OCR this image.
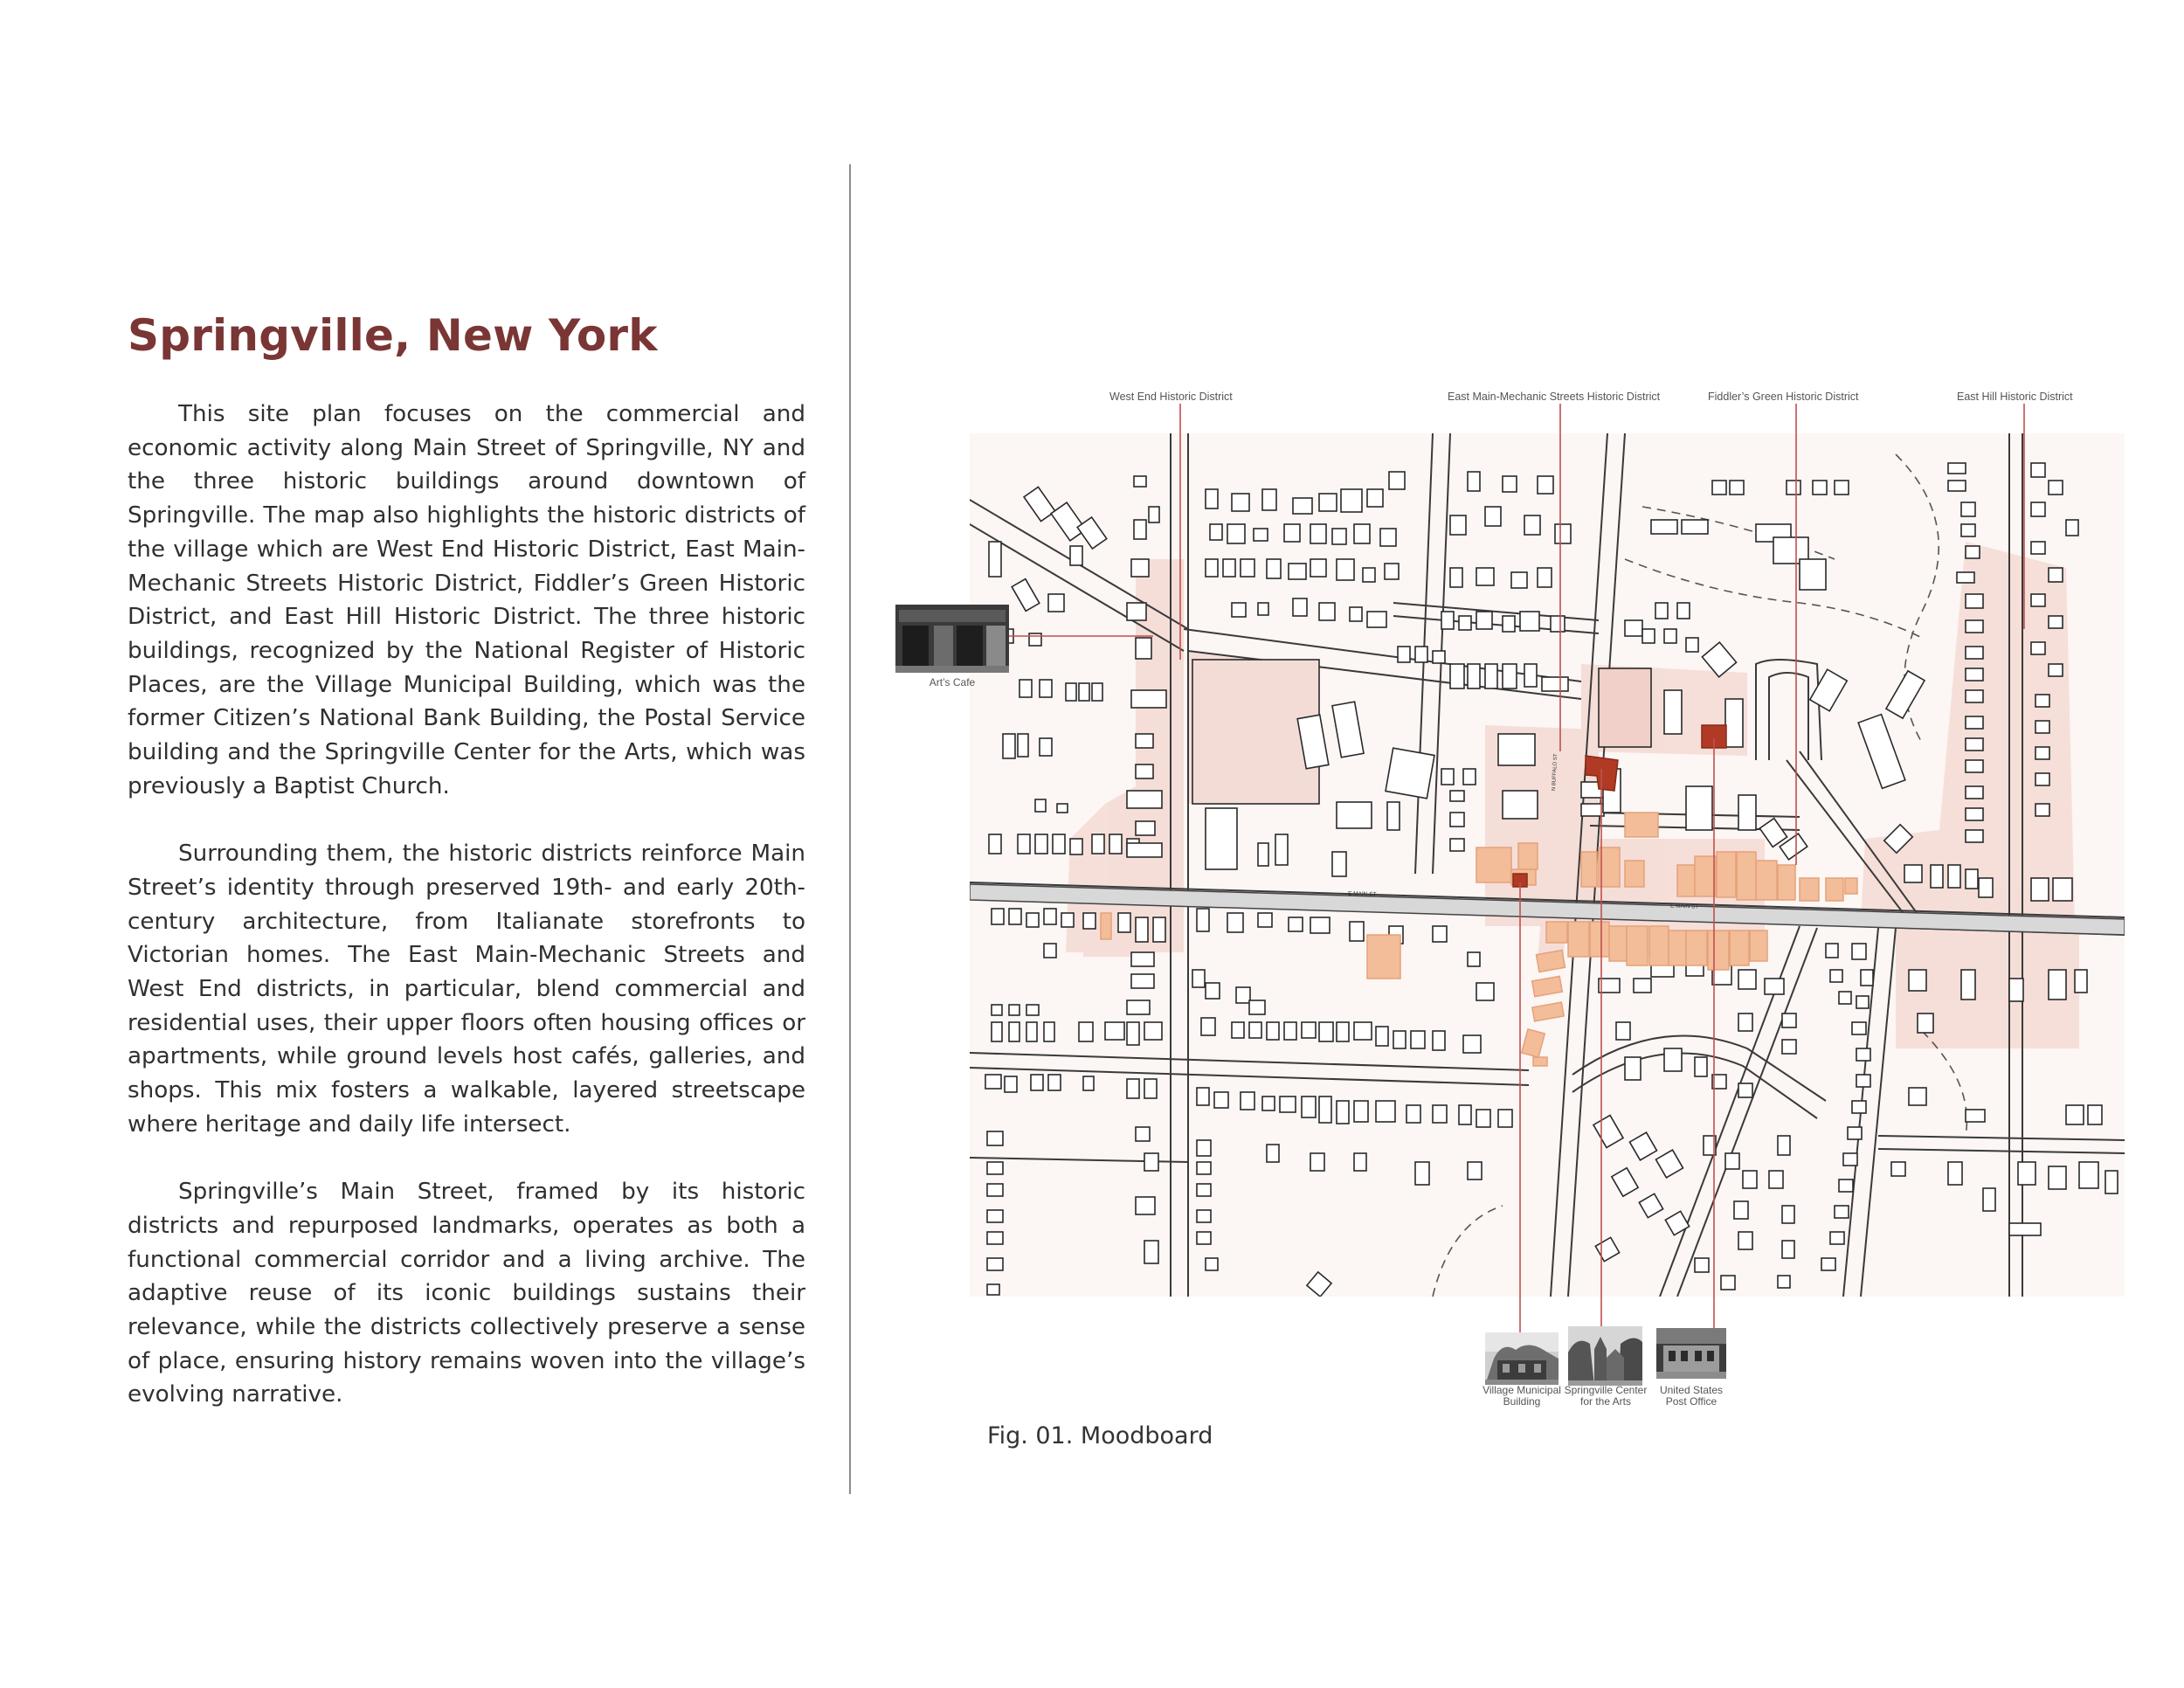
Springville, New York

This site plan focuses on the commercial and economic activity along Main Street of Springville, NY and the three historic buildings around downtown of Springville. The map also highlights the historic districts of the village which are West End Historic District, East Main-Mechanic Streets Historic District, Fiddler’s Green Historic District, and East Hill Historic District. The three historic buildings, recognized by the National Register of Historic Places, are the Village Municipal Building, which was the former Citizen’s National Bank Building, the Postal Service building and the Springville Center for the Arts, which was previously a Baptist Church.

Surrounding them, the historic districts reinforce Main Street’s identity through preserved 19th- and early 20th-century architecture, from Italianate storefronts to Victorian homes. The East Main-Mechanic Streets and West End districts, in particular, blend commercial and residential uses, their upper floors often housing offices or apartments, while ground levels host cafés, galleries, and shops. This mix fosters a walkable, layered streetscape where heritage and daily life intersect.

Springville’s Main Street, framed by its historic districts and repurposed landmarks, operates as both a functional commercial corridor and a living archive. The adaptive reuse of its iconic buildings sustains their relevance, while the districts collectively preserve a sense of place, ensuring history remains woven into the village’s evolving narrative.

West End Historic District	East Main-Mechanic Streets Historic District	Fiddler’s Green Historic District	East Hill Historic District
E MAIN ST
E MAIN ST
N BUFFALO ST
Art’s Cafe
Village Municipal
Building
Springville Center
for the Arts
United States
Post Office
Fig. 01. Moodboard
